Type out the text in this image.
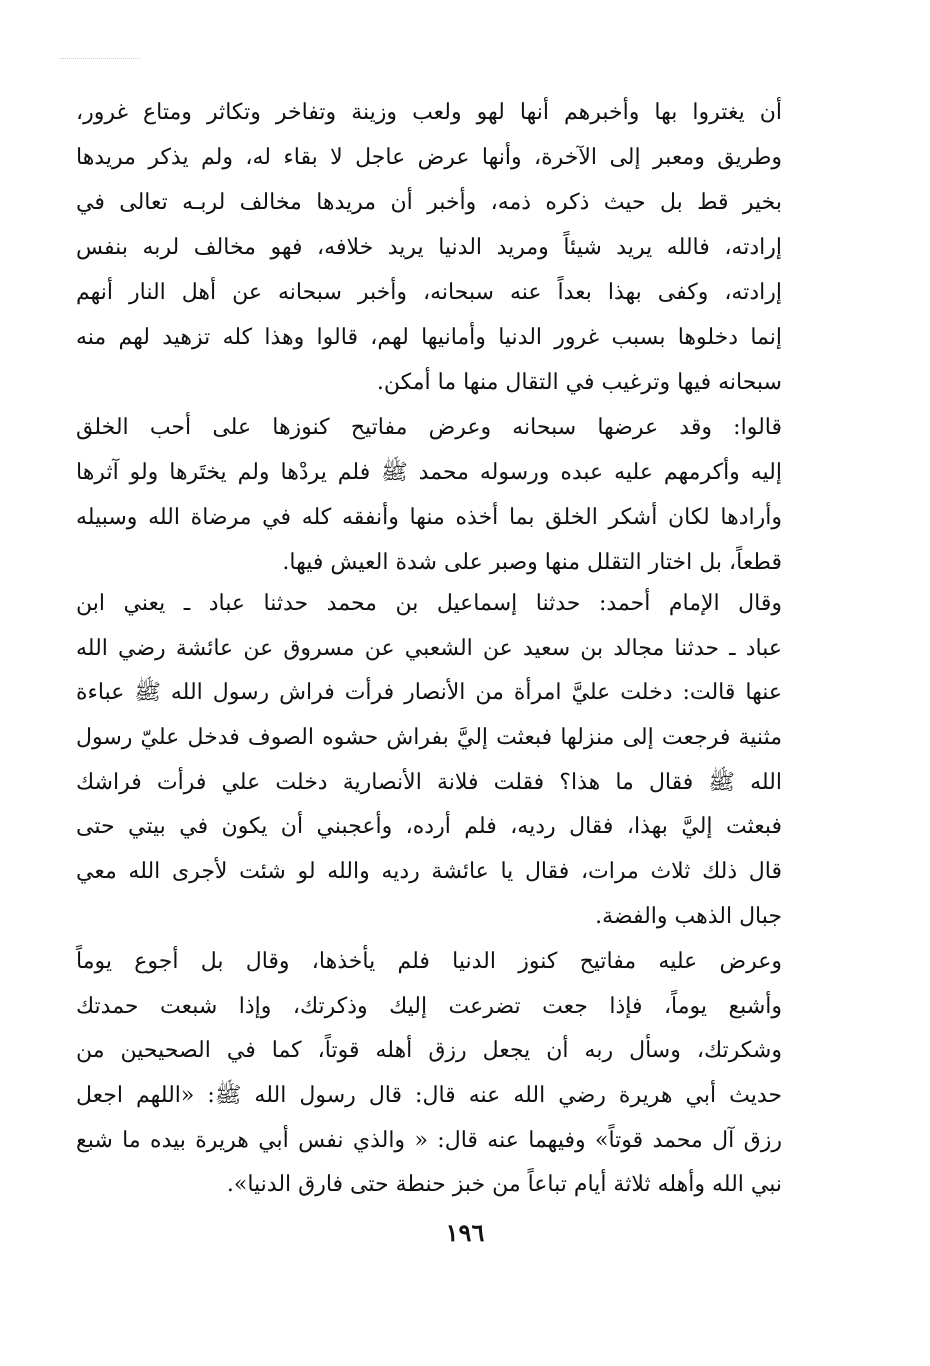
أن يغتروا بها وأخبرهم أنها لهو ولعب وزينة وتفاخر وتكاثر ومتاع غرور،
وطريق ومعبر إلى الآخرة، وأنها عرض عاجل لا بقاء له، ولم يذكر مريدها
بخير قط بل حيث ذكره ذمه، وأخبر أن مريدها مخالف لربـه تعالى في
إرادته، فالله يريد شيئاً ومريد الدنيا يريد خلافه، فهو مخالف لربه بنفس
إرادته، وكفى بهذا بعداً عنه سبحانه، وأخبر سبحانه عن أهل النار أنهم
إنما دخلوها بسبب غرور الدنيا وأمانيها لهم، قالوا وهذا كله تزهيد لهم منه
سبحانه فيها وترغيب في التقال منها ما أمكن.
قالوا: وقد عرضها سبحانه وعرض مفاتيح كنوزها على أحب الخلق
إليه وأكرمهم عليه عبده ورسوله محمد ﷺ فلم يردْها ولم يختَرها ولو آثرها
وأرادها لكان أشكر الخلق بما أخذه منها وأنفقه كله في مرضاة الله وسبيله
قطعاً، بل اختار التقلل منها وصبر على شدة العيش فيها.
وقال الإمام أحمد: حدثنا إسماعيل بن محمد حدثنا عباد ـ يعني ابن
عباد ـ حدثنا مجالد بن سعيد عن الشعبي عن مسروق عن عائشة رضي الله
عنها قالت: دخلت عليَّ امرأة من الأنصار فرأت فراش رسول الله ﷺ عباءة
مثنية فرجعت إلى منزلها فبعثت إليَّ بفراش حشوه الصوف فدخل عليّ رسول
الله ﷺ فقال ما هذا؟ فقلت فلانة الأنصارية دخلت علي فرأت فراشك
فبعثت إليَّ بهذا، فقال رديه، فلم أرده، وأعجبني أن يكون في بيتي حتى
قال ذلك ثلاث مرات، فقال يا عائشة رديه والله لو شئت لأجرى الله معي
جبال الذهب والفضة.
وعرض عليه مفاتيح كنوز الدنيا فلم يأخذها، وقال بل أجوع يوماً
وأشبع يوماً، فإذا جعت تضرعت إليك وذكرتك، وإذا شبعت حمدتك
وشكرتك، وسأل ربه أن يجعل رزق أهله قوتاً، كما في الصحيحين من
حديث أبي هريرة رضي الله عنه قال: قال رسول الله ﷺ: «اللهم اجعل
رزق آل محمد قوتاً» وفيهما عنه قال: « والذي نفس أبي هريرة بيده ما شبع
نبي الله وأهله ثلاثة أيام تباعاً من خبز حنطة حتى فارق الدنيا».
١٩٦
